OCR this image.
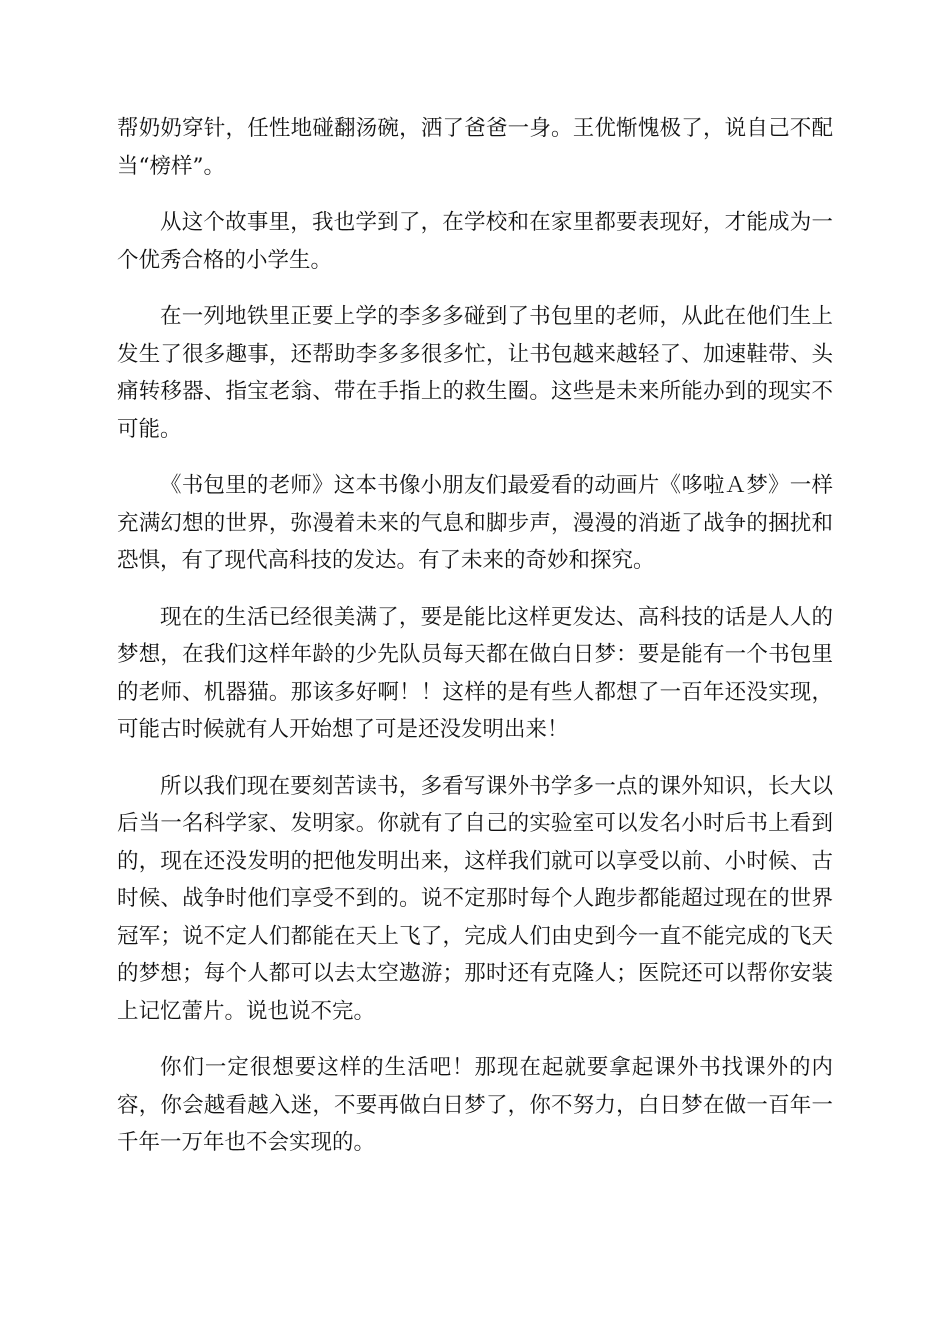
帮奶奶穿针，任性地碰翻汤碗，洒了爸爸一身。王优惭愧极了，说自己不配当“榜样”。

从这个故事里，我也学到了，在学校和在家里都要表现好，才能成为一个优秀合格的小学生。

在一列地铁里正要上学的李多多碰到了书包里的老师，从此在他们生上发生了很多趣事，还帮助李多多很多忙，让书包越来越轻了、加速鞋带、头痛转移器、指宝老翁、带在手指上的救生圈。这些是未来所能办到的现实不可能。

《书包里的老师》这本书像小朋友们最爱看的动画片《哆啦Ａ梦》一样充满幻想的世界，弥漫着未来的气息和脚步声，漫漫的消逝了战争的捆扰和恐惧，有了现代高科技的发达。有了未来的奇妙和探究。

现在的生活已经很美满了，要是能比这样更发达、高科技的话是人人的梦想，在我们这样年龄的少先队员每天都在做白日梦：要是能有一个书包里的老师、机器猫。那该多好啊！！这样的是有些人都想了一百年还没实现，可能古时候就有人开始想了可是还没发明出来！

所以我们现在要刻苦读书，多看写课外书学多一点的课外知识，长大以后当一名科学家、发明家。你就有了自己的实验室可以发名小时后书上看到的，现在还没发明的把他发明出来，这样我们就可以享受以前、小时候、古时候、战争时他们享受不到的。说不定那时每个人跑步都能超过现在的世界冠军；说不定人们都能在天上飞了，完成人们由史到今一直不能完成的飞天的梦想；每个人都可以去太空遨游；那时还有克隆人；医院还可以帮你安装上记忆蕾片。说也说不完。

你们一定很想要这样的生活吧！那现在起就要拿起课外书找课外的内容，你会越看越入迷，不要再做白日梦了，你不努力，白日梦在做一百年一千年一万年也不会实现的。
